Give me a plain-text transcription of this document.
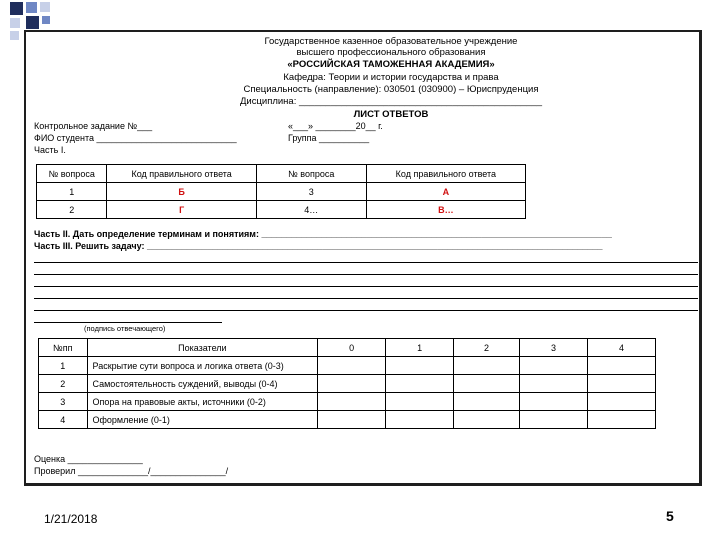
Государственное казенное образовательное учреждение
высшего профессионального образования
«РОССИЙСКАЯ ТАМОЖЕННАЯ АКАДЕМИЯ»
Кафедра: Теории и истории государства и права
Специальность (направление): 030501 (030900) – Юриспруденция
Дисциплина: ______________________________________________
ЛИСТ ОТВЕТОВ
Контрольное задание №___	«___» ________20__ г.
ФИО студента ____________________________	Группа __________
Часть I.
№ вопроса	Код правильного ответа	№ вопроса	Код правильного ответа
1	Б	3	А
2	Г	4…	В…
Часть II. Дать определение терминам и понятиям: ______________________________________________________________________
Часть III. Решить задачу: ___________________________________________________________________________________________
(подпись отвечающего)
№пп	Показатели	0	1	2	3	4
1	Раскрытие сути вопроса и логика ответа (0-3)					
2	Самостоятельность суждений, выводы (0-4)					
3	Опора на правовые акты, источники (0-2)					
4	Оформление (0-1)					
Оценка _______________
Проверил ______________/_______________/
1/21/2018	5
